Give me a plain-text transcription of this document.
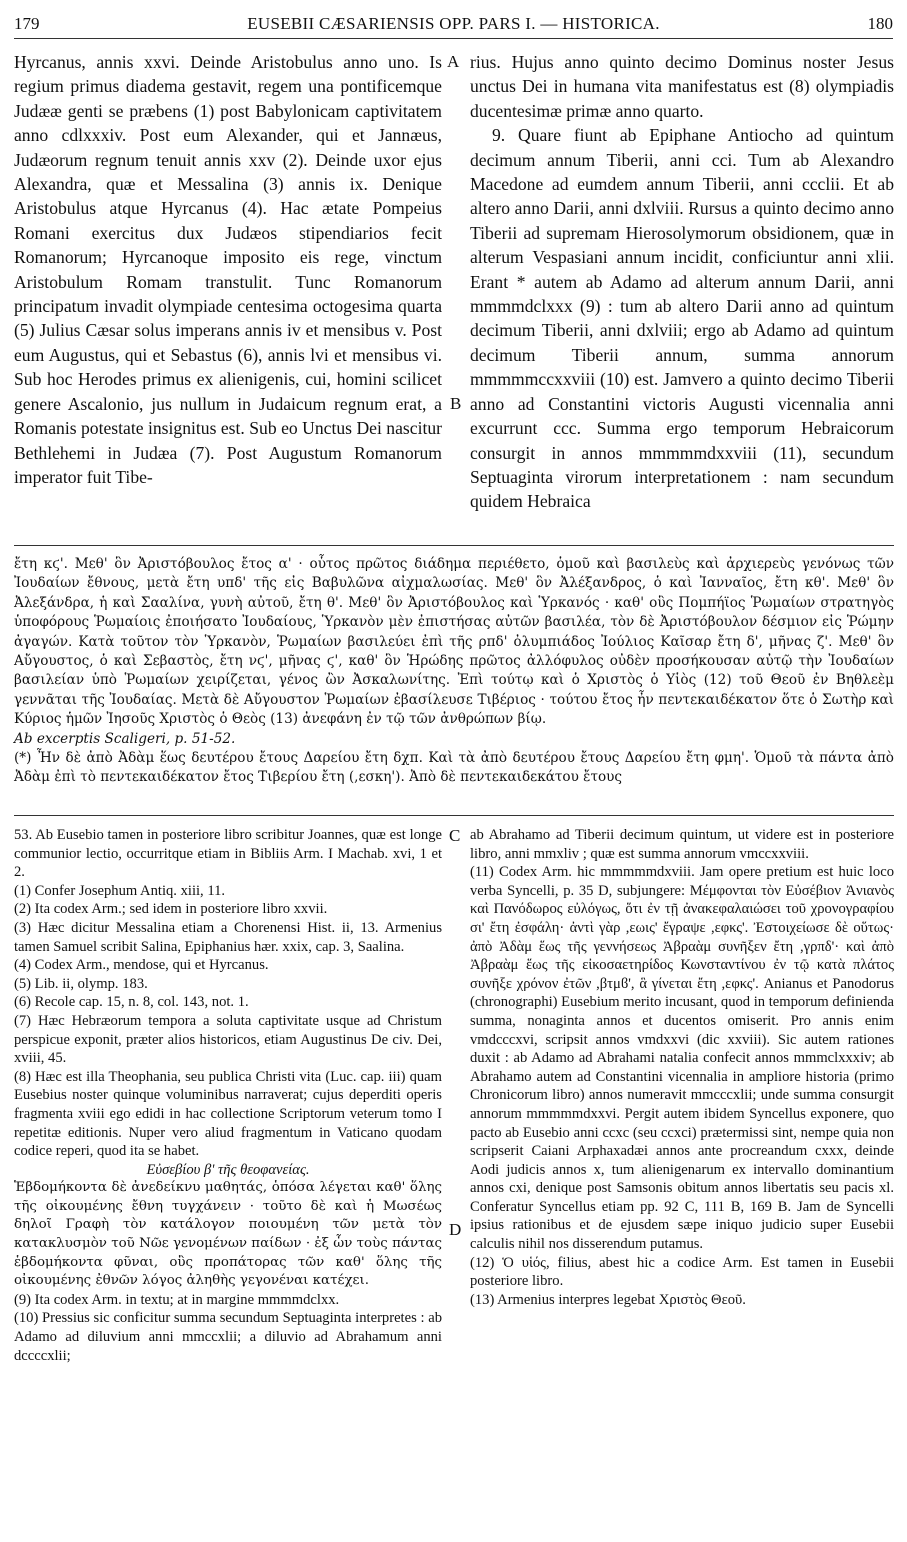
179	EUSEBII CÆSARIENSIS OPP. PARS I. — HISTORICA.	180

Hyrcanus, annis xxvi. Deinde Aristobulus anno uno. Is regium primus diadema gestavit, regem una pontificemque Judææ genti se præbens (1) post Babylonicam captivitatem anno cdlxxxiv. Post eum Alexander, qui et Jannæus, Judæorum regnum tenuit annis xxv (2). Deinde uxor ejus Alexandra, quæ et Messalina (3) annis ix. Denique Aristobulus atque Hyrcanus (4). Hac ætate Pompeius Romani exercitus dux Judæos stipendiarios fecit Romanorum; Hyrcanoque imposito eis rege, vinctum Aristobulum Romam transtulit. Tunc Romanorum principatum invadit olympiade centesima octogesima quarta (5) Julius Cæsar solus imperans annis iv et mensibus v. Post eum Augustus, qui et Sebastus (6), annis lvi et mensibus vi. Sub hoc Herodes primus ex alienigenis, cui, homini scilicet genere Ascalonio, jus nullum in Judaicum regnum erat, a Romanis potestate insignitus est. Sub eo Unctus Dei nascitur Bethlehemi in Judæa (7). Post Augustum Romanorum imperator fuit Tibe-

rius. Hujus anno quinto decimo Dominus noster Jesus unctus Dei in humana vita manifestatus est (8) olympiadis ducentesimæ primæ anno quarto.

9. Quare fiunt ab Epiphane Antiocho ad quintum decimum annum Tiberii, anni cci. Tum ab Alexandro Macedone ad eumdem annum Tiberii, anni ccclii. Et ab altero anno Darii, anni dxlviii. Rursus a quinto decimo anno Tiberii ad supremam Hierosolymorum obsidionem, quæ in alterum Vespasiani annum incidit, conficiuntur anni xlii. Erant * autem ab Adamo ad alterum annum Darii, anni mmmmdclxxx (9) : tum ab altero Darii anno ad quintum decimum Tiberii, anni dxlviii; ergo ab Adamo ad quintum decimum Tiberii annum, summa annorum mmmmmccxxviii (10) est. Jamvero a quinto decimo Tiberii anno ad Constantini victoris Augusti vicennalia anni excurrunt ccc. Summa ergo temporum Hebraicorum consurgit in annos mmmmmdxxviii (11), secundum Septuaginta virorum interpretationem : nam secundum quidem Hebraica

A
B

ἔτη κϛ'. Μεθ' ὃν Ἀριστόβουλος ἔτος α' · οὗτος πρῶτος διάδημα περιέθετο, ὁμοῦ καὶ βασιλεὺς καὶ ἀρχιερεὺς γενόνως τῶν Ἰουδαίων ἔθνους, μετὰ ἔτη υπδ' τῆς εἰς Βαβυλῶνα αἰχμαλωσίας. Μεθ' ὃν Ἀλέξανδρος, ὁ καὶ Ἰανναῖος, ἔτη κθ'. Μεθ' ὃν Ἀλεξάνδρα, ἡ καὶ Σααλίνα, γυνὴ αὐτοῦ, ἔτη θ'. Μεθ' ὃν Ἀριστόβουλος καὶ Ὑρκανός · καθ' οὓς Πομπήϊος Ῥωμαίων στρατηγὸς ὑποφόρους Ῥωμαίοις ἐποιήσατο Ἰουδαίους, Ὑρκανὸν μὲν ἐπιστήσας αὐτῶν βασιλέα, τὸν δὲ Ἀριστόβουλον δέσμιον εἰς Ῥώμην ἀγαγών. Κατὰ τοῦτον τὸν Ὑρκανὸν, Ῥωμαίων βασιλεύει ἐπὶ τῆς ρπδ' ὀλυμπιάδος Ἰούλιος Καῖσαρ ἔτη δ', μῆνας ζ'. Μεθ' ὃν Αὔγουστος, ὁ καὶ Σεβαστὸς, ἔτη νϛ', μῆνας ϛ', καθ' ὃν Ἡρώδης πρῶτος ἀλλόφυλος οὐδὲν προσήκουσαν αὐτῷ τὴν Ἰουδαίων βασιλείαν ὑπὸ Ῥωμαίων χειρίζεται, γένος ὢν Ἀσκαλωνίτης. Ἐπὶ τούτῳ καὶ ὁ Χριστὸς ὁ Υἱὸς (12) τοῦ Θεοῦ ἐν Βηθλεὲμ γεννᾶται τῆς Ἰουδαίας. Μετὰ δὲ Αὔγουστον Ῥωμαίων ἐβασίλευσε Τιβέριος · τούτου ἔτος ἦν πεντεκαιδέκατον ὅτε ὁ Σωτὴρ καὶ Κύριος ἡμῶν Ἰησοῦς Χριστὸς ὁ Θεὸς (13) ἀνεφάνη ἐν τῷ τῶν ἀνθρώπων βίῳ.

Ab excerptis Scaligeri, p. 51-52.

(*) Ἦν δὲ ἀπὸ Ἀδὰμ ἕως δευτέρου ἔτους Δαρείου ἔτη δχπ. Καὶ τὰ ἀπὸ δευτέρου ἔτους Δαρείου ἔτη φμη'. Ὁμοῦ τὰ πάντα ἀπὸ Ἀδὰμ ἐπὶ τὸ πεντεκαιδέκατον ἔτος Τιβερίου ἔτη (,εσκη'). Ἀπὸ δὲ πεντεκαιδεκάτου ἔτους

53. Ab Eusebio tamen in posteriore libro scribitur Joannes, quæ est longe communior lectio, occurritque etiam in Bibliis Arm. I Machab. xvi, 1 et 2.

(1) Confer Josephum Antiq. xiii, 11.

(2) Ita codex Arm.; sed idem in posteriore libro xxvii.

(3) Hæc dicitur Messalina etiam a Chorenensi Hist. ii, 13. Armenius tamen Samuel scribit Salina, Epiphanius hær. xxix, cap. 3, Saalina.

(4) Codex Arm., mendose, qui et Hyrcanus.

(5) Lib. ii, olymp. 183.

(6) Recole cap. 15, n. 8, col. 143, not. 1.

(7) Hæc Hebræorum tempora a soluta captivitate usque ad Christum perspicue exponit, præter alios historicos, etiam Augustinus De civ. Dei, xviii, 45.

(8) Hæc est illa Theophania, seu publica Christi vita (Luc. cap. iii) quam Eusebius noster quinque voluminibus narraverat; cujus deperditi operis fragmenta xviii ego edidi in hac collectione Scriptorum veterum tomo I repetitæ editionis. Nuper vero aliud fragmentum in Vaticano quodam codice reperi, quod ita se habet.

Εὐσεβίου β' τῆς θεοφανείας.

Ἑβδομήκοντα δὲ ἀνεδείκνυ μαθητάς, ὁπόσα λέγεται καθ' ὅλης τῆς οἰκουμένης ἔθνη τυγχάνειν · τοῦτο δὲ καὶ ἡ Μωσέως δηλοῖ Γραφὴ τὸν κατάλογον ποιουμένη τῶν μετὰ τὸν κατακλυσμὸν τοῦ Νῶε γενομένων παίδων · ἐξ ὧν τοὺς πάντας ἑβδομήκοντα φῦναι, οὓς προπάτορας τῶν καθ' ὅλης τῆς οἰκουμένης ἐθνῶν λόγος ἀληθὴς γεγονέναι κατέχει.

(9) Ita codex Arm. in textu; at in margine mmmmdclxx.

(10) Pressius sic conficitur summa secundum Septuaginta interpretes : ab Adamo ad diluvium anni mmccxlii; a diluvio ad Abrahamum anni dccccxlii;

ab Abrahamo ad Tiberii decimum quintum, ut videre est in posteriore libro, anni mmxliv ; quæ est summa annorum vmccxxviii.

(11) Codex Arm. hic mmmmmdxviii. Jam opere pretium est huic loco verba Syncelli, p. 35 D, subjungere: Μέμφονται τὸν Εὐσέβιον Ἀνιανὸς καὶ Πανόδωρος εὐλόγως, ὅτι ἐν τῇ ἀνακεφαλαιώσει τοῦ χρονογραφίου σι' ἔτη ἐσφάλη· ἀντὶ γὰρ ,εωις' ἔγραψε ,εφκς'. Ἐστοιχείωσε δὲ οὕτως· ἀπὸ Ἀδὰμ ἕως τῆς γεννήσεως Ἀβραὰμ συνῆξεν ἔτη ,γρπδ'· καὶ ἀπὸ Ἀβραὰμ ἕως τῆς εἰκοσαετηρίδος Κωνσταντίνου ἐν τῷ κατὰ πλάτος συνῆξε χρόνον ἐτῶν ,βτμϐ', ἃ γίνεται ἔτη ,εφκς'. Anianus et Panodorus (chronographi) Eusebium merito incusant, quod in temporum definienda summa, nonaginta annos et ducentos omiserit. Pro annis enim vmdcccxvi, scripsit annos vmdxxvi (dic xxviii). Sic autem rationes duxit : ab Adamo ad Abrahami natalia confecit annos mmmclxxxiv; ab Abrahamo autem ad Constantini vicennalia in ampliore historia (primo Chronicorum libro) annos numeravit mmcccxlii; unde summa consurgit annorum mmmmmdxxvi. Pergit autem ibidem Syncellus exponere, quo pacto ab Eusebio anni ccxc (seu ccxci) prætermissi sint, nempe quia non scripserit Caiani Arphaxadæi annos ante procreandum cxxx, deinde Aodi judicis annos x, tum alienigenarum ex intervallo dominantium annos cxi, denique post Samsonis obitum annos libertatis seu pacis xl. Conferatur Syncellus etiam pp. 92 C, 111 B, 169 B. Jam de Syncelli ipsius rationibus et de ejusdem sæpe iniquo judicio super Eusebii calculis nihil nos disserendum putamus.

(12) Ὁ υἱός, filius, abest hic a codice Arm. Est tamen in Eusebii posteriore libro.

(13) Armenius interpres legebat Χριστὸς Θεοῦ.

C
D
